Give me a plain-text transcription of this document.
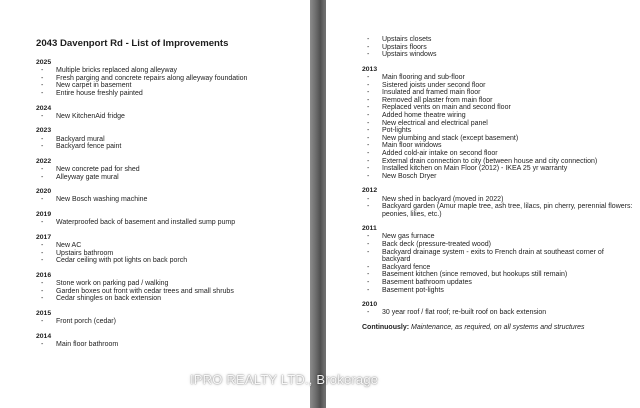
2043 Davenport Rd - List of Improvements
2025
-	Multiple bricks replaced along alleyway
-	Fresh parging and concrete repairs along alleyway foundation
-	New carpet in basement
-	Entire house freshly painted
2024
-	New KitchenAid fridge
2023
-	Backyard mural
-	Backyard fence paint
2022
-	New concrete pad for shed
-	Alleyway gate mural
2020
-	New Bosch washing machine
2019
-	Waterproofed back of basement and installed sump pump
2017
-	New AC
-	Upstairs bathroom
-	Cedar ceiling with pot lights on back porch
2016
-	Stone work on parking pad / walking
-	Garden boxes out front with cedar trees and small shrubs
-	Cedar shingles on back extension
2015
-	Front porch (cedar)
2014
-	Main floor bathroom
-	Upstairs closets
-	Upstairs floors
-	Upstairs windows
2013
-	Main flooring and sub-floor
-	Sistered joists under second floor
-	Insulated and framed main floor
-	Removed all plaster from main floor
-	Replaced vents on main and second floor
-	Added home theatre wiring
-	New electrical and electrical panel
-	Pot-lights
-	New plumbing and stack (except basement)
-	Main floor windows
-	Added cold-air intake on second floor
-	External drain connection to city (between house and city connection)
-	Installed kitchen on Main Floor (2012) - IKEA 25 yr warranty
-	New Bosch Dryer
2012
-	New shed in backyard (moved in 2022)
-	Backyard garden (Amur maple tree, ash tree, lilacs, pin cherry, perennial flowers: peonies, lilies, etc.)
2011
-	New gas furnace
-	Back deck (pressure-treated wood)
-	Backyard drainage system - exits to French drain at southeast corner of backyard
-	Backyard fence
-	Basement kitchen (since removed, but hookups still remain)
-	Basement bathroom updates
-	Basement pot-lights
2010
-	30 year roof / flat roof; re-built roof on back extension
Continuously: Maintenance, as required, on all systems and structures
IPRO REALTY LTD., Brokerage
